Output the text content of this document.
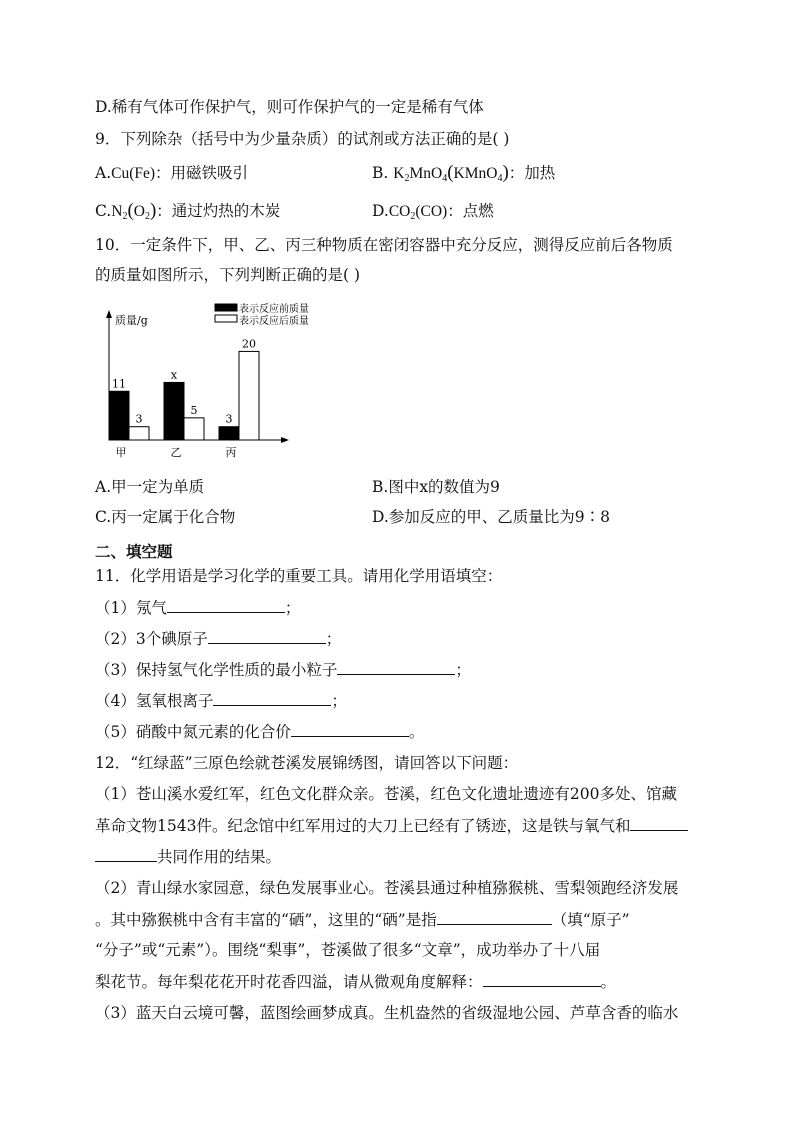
D.稀有气体可作保护气，则可作保护气的一定是稀有气体
9．下列除杂（括号中为少量杂质）的试剂或方法正确的是( )
A.Cu(Fe)：用磁铁吸引	B. $K_2MnO_4(KMnO_4)$：加热
$C.N_2(O_2)$：通过灼热的木炭	$D.CO_2(CO)$：点燃
10．一定条件下，甲、乙、丙三种物质在密闭容器中充分反应，测得反应前后各物质
的质量如图所示，下列判断正确的是( )
质量/g
表示反应前质量
表示反应后质量
11
3
甲
x
5
乙
3
20
丙
A.甲一定为单质	B.图中x的数值为9
C.丙一定属于化合物	D.参加反应的甲、乙质量比为9∶8
二、填空题
11．化学用语是学习化学的重要工具。请用化学用语填空：
（1）氖气	；
（2）3个碘原子	；
（3）保持氢气化学性质的最小粒子	；
（4）氢氧根离子	；
（5）硝酸中氮元素的化合价	。
12．“红绿蓝”三原色绘就苍溪发展锦绣图，请回答以下问题：
（1）苍山溪水爱红军，红色文化群众亲。苍溪，红色文化遗址遗迹有200多处、馆藏
革命文物1543件。纪念馆中红军用过的大刀上已经有了锈迹，这是铁与氧气和
共同作用的结果。
（2）青山绿水家园意，绿色发展事业心。苍溪县通过种植猕猴桃、雪梨领跑经济发展
。其中猕猴桃中含有丰富的“硒”，这里的“硒”是指	（填“原子”
“分子”或“元素”）。围绕“梨事”，苍溪做了很多“文章”，成功举办了十八届
梨花节。每年梨花花开时花香四溢，请从微观角度解释：	。
（3）蓝天白云境可馨，蓝图绘画梦成真。生机盎然的省级湿地公园、芦草含香的临水
